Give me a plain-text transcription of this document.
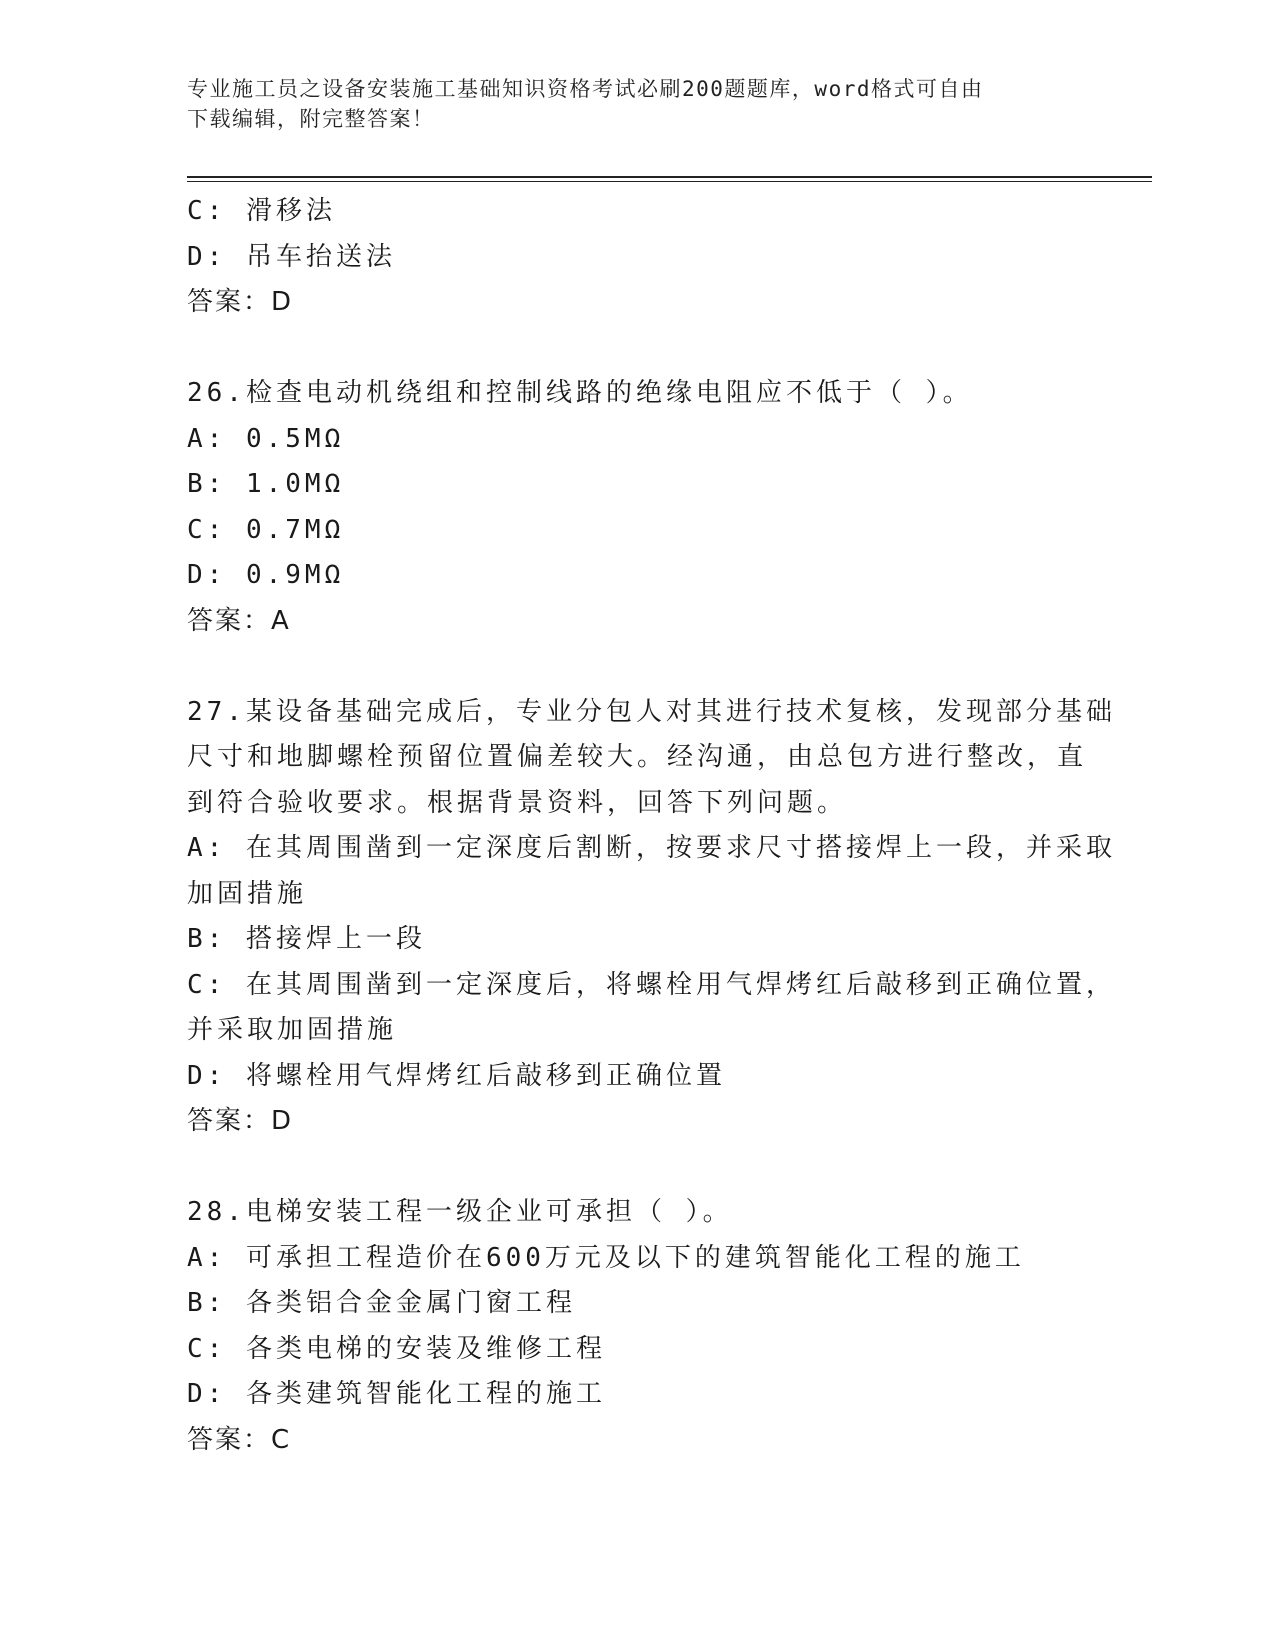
专业施工员之设备安装施工基础知识资格考试必刷200题题库，word格式可自由
下载编辑，附完整答案！
C: 滑移法
D: 吊车抬送法
答案：D
26.检查电动机绕组和控制线路的绝缘电阻应不低于（ ）。
A: 0.5MΩ
B: 1.0MΩ
C: 0.7MΩ
D: 0.9MΩ
答案：A
27.某设备基础完成后，专业分包人对其进行技术复核，发现部分基础
尺寸和地脚螺栓预留位置偏差较大。经沟通，由总包方进行整改，直
到符合验收要求。根据背景资料，回答下列问题。
A: 在其周围凿到一定深度后割断，按要求尺寸搭接焊上一段，并采取
加固措施
B: 搭接焊上一段
C: 在其周围凿到一定深度后，将螺栓用气焊烤红后敲移到正确位置，
并采取加固措施
D: 将螺栓用气焊烤红后敲移到正确位置
答案：D
28.电梯安装工程一级企业可承担（ ）。
A: 可承担工程造价在600万元及以下的建筑智能化工程的施工
B: 各类铝合金金属门窗工程
C: 各类电梯的安装及维修工程
D: 各类建筑智能化工程的施工
答案：C
